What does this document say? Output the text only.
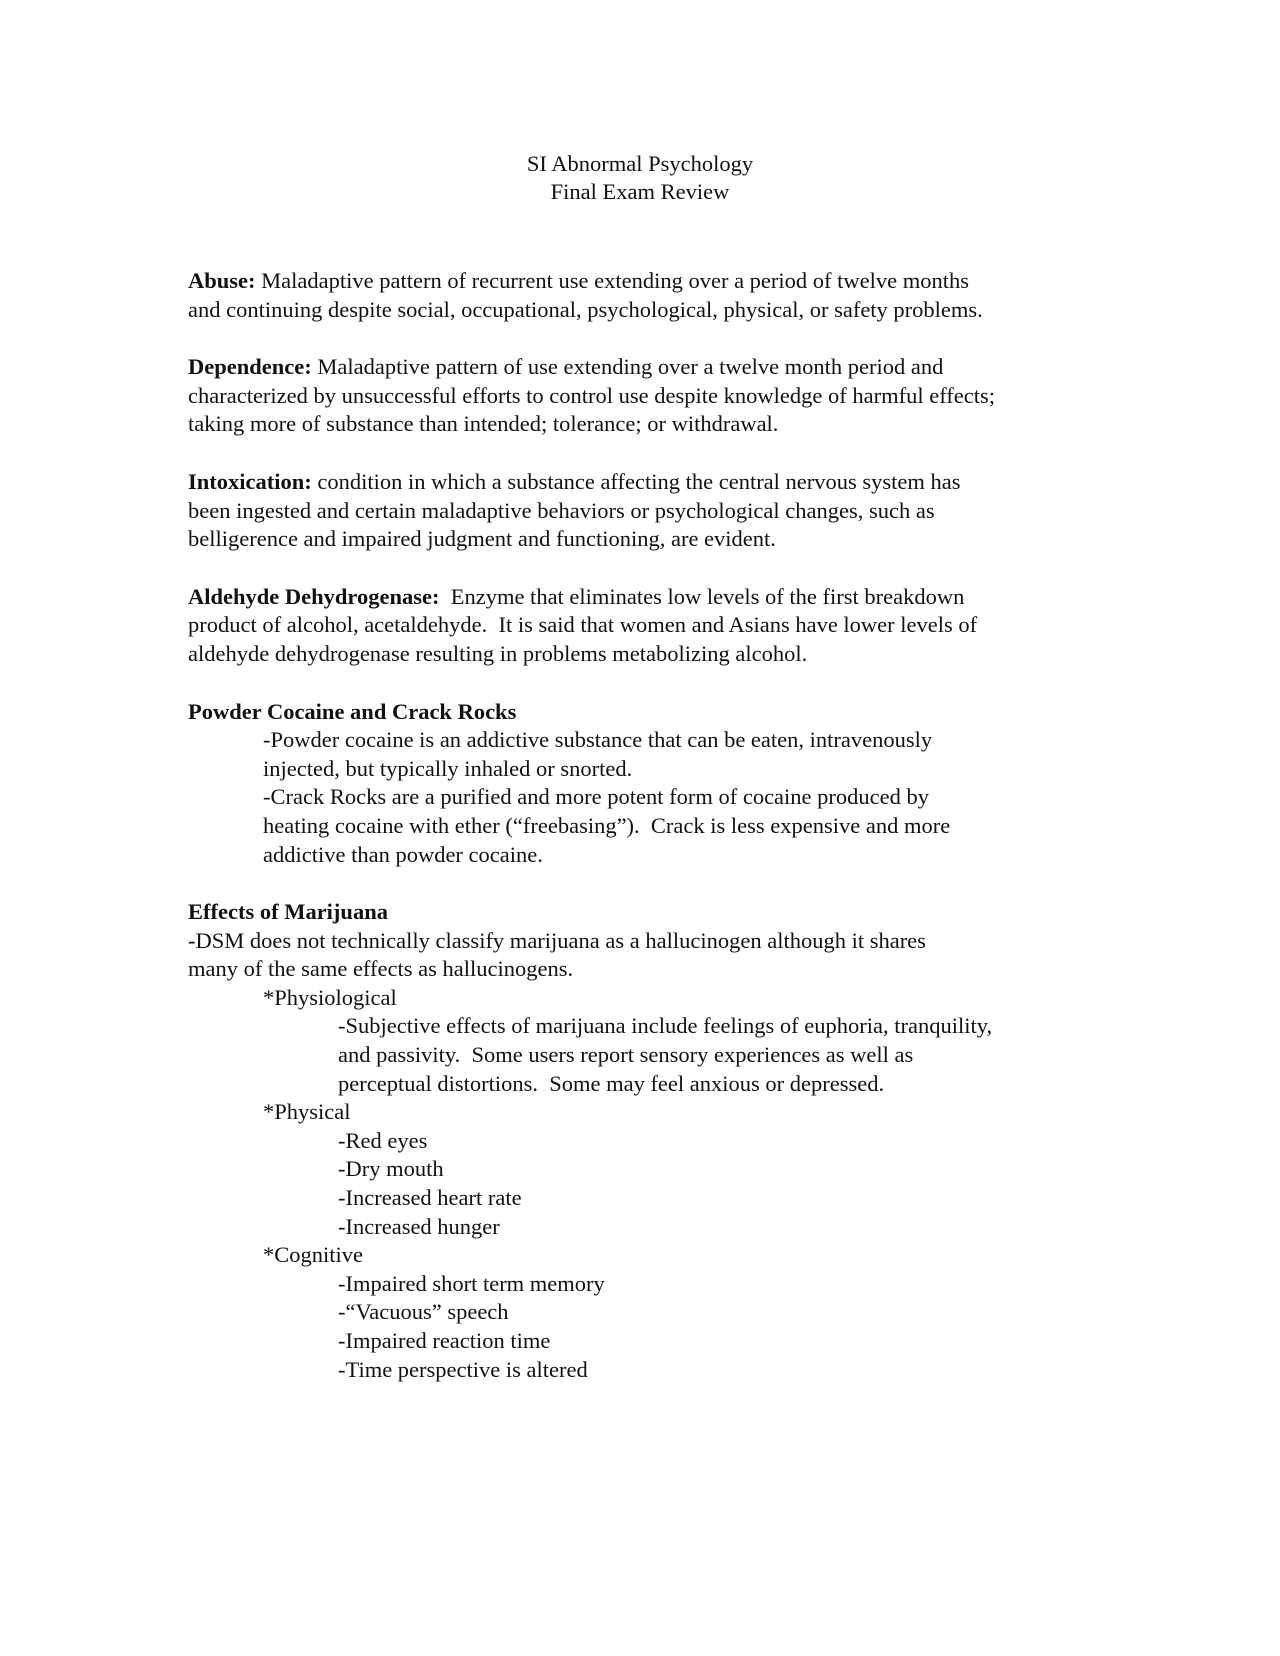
SI Abnormal Psychology
Final Exam Review
Abuse: Maladaptive pattern of recurrent use extending over a period of twelve months
and continuing despite social, occupational, psychological, physical, or safety problems.
Dependence: Maladaptive pattern of use extending over a twelve month period and
characterized by unsuccessful efforts to control use despite knowledge of harmful effects;
taking more of substance than intended; tolerance; or withdrawal.
Intoxication: condition in which a substance affecting the central nervous system has
been ingested and certain maladaptive behaviors or psychological changes, such as
belligerence and impaired judgment and functioning, are evident.
Aldehyde Dehydrogenase:  Enzyme that eliminates low levels of the first breakdown
product of alcohol, acetaldehyde.  It is said that women and Asians have lower levels of
aldehyde dehydrogenase resulting in problems metabolizing alcohol.
Powder Cocaine and Crack Rocks
-Powder cocaine is an addictive substance that can be eaten, intravenously
injected, but typically inhaled or snorted.
-Crack Rocks are a purified and more potent form of cocaine produced by
heating cocaine with ether (“freebasing”).  Crack is less expensive and more
addictive than powder cocaine.
Effects of Marijuana
-DSM does not technically classify marijuana as a hallucinogen although it shares
many of the same effects as hallucinogens.
*Physiological
-Subjective effects of marijuana include feelings of euphoria, tranquility,
and passivity.  Some users report sensory experiences as well as
perceptual distortions.  Some may feel anxious or depressed.
*Physical
-Red eyes
-Dry mouth
-Increased heart rate
-Increased hunger
*Cognitive
-Impaired short term memory
-“Vacuous” speech
-Impaired reaction time
-Time perspective is altered
